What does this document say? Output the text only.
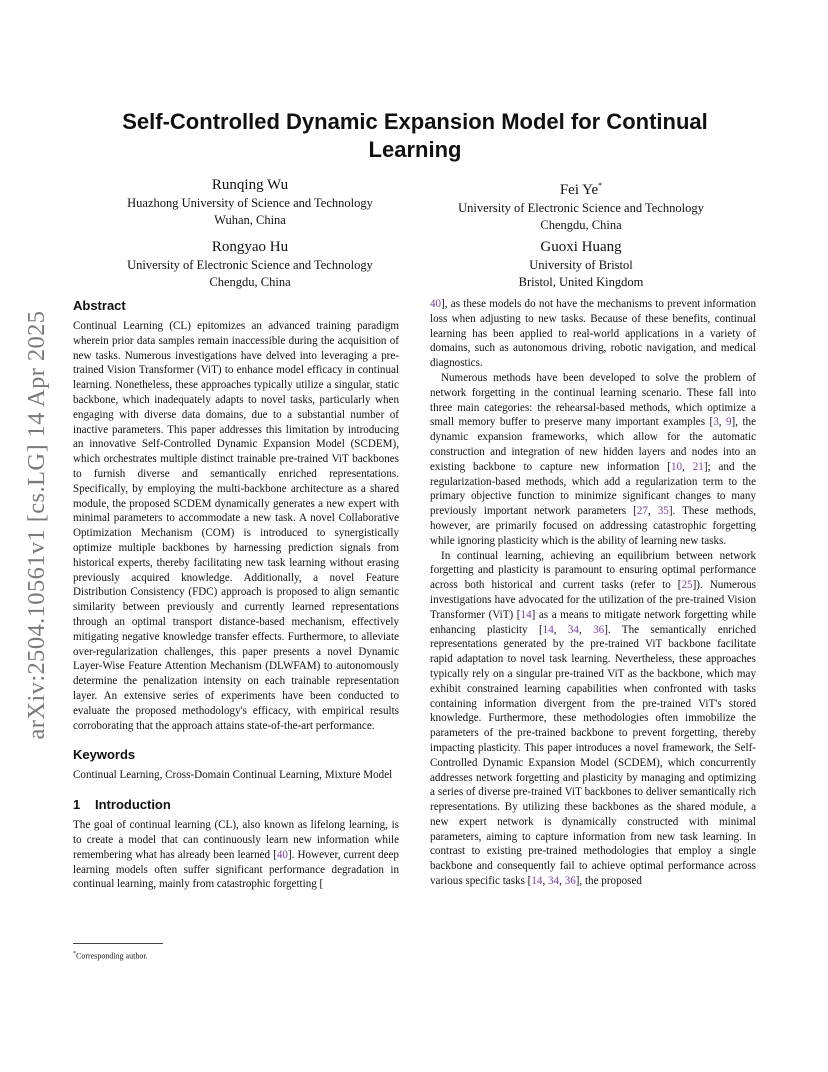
arXiv:2504.10561v1 [cs.LG] 14 Apr 2025
Self-Controlled Dynamic Expansion Model for Continual Learning
Runqing Wu
Huazhong University of Science and Technology
Wuhan, China
Fei Ye*
University of Electronic Science and Technology
Chengdu, China
Rongyao Hu
University of Electronic Science and Technology
Chengdu, China
Guoxi Huang
University of Bristol
Bristol, United Kingdom
Abstract

Continual Learning (CL) epitomizes an advanced training paradigm wherein prior data samples remain inaccessible during the acquisition of new tasks. Numerous investigations have delved into leveraging a pre-trained Vision Transformer (ViT) to enhance model efficacy in continual learning. Nonetheless, these approaches typically utilize a singular, static backbone, which inadequately adapts to novel tasks, particularly when engaging with diverse data domains, due to a substantial number of inactive parameters. This paper addresses this limitation by introducing an innovative Self-Controlled Dynamic Expansion Model (SCDEM), which orchestrates multiple distinct trainable pre-trained ViT backbones to furnish diverse and semantically enriched representations. Specifically, by employing the multi-backbone architecture as a shared module, the proposed SCDEM dynamically generates a new expert with minimal parameters to accommodate a new task. A novel Collaborative Optimization Mechanism (COM) is introduced to synergistically optimize multiple backbones by harnessing prediction signals from historical experts, thereby facilitating new task learning without erasing previously acquired knowledge. Additionally, a novel Feature Distribution Consistency (FDC) approach is proposed to align semantic similarity between previously and currently learned representations through an optimal transport distance-based mechanism, effectively mitigating negative knowledge transfer effects. Furthermore, to alleviate over-regularization challenges, this paper presents a novel Dynamic Layer-Wise Feature Attention Mechanism (DLWFAM) to autonomously determine the penalization intensity on each trainable representation layer. An extensive series of experiments have been conducted to evaluate the proposed methodology's efficacy, with empirical results corroborating that the approach attains state-of-the-art performance.

Keywords

Continual Learning, Cross-Domain Continual Learning, Mixture Model

1 Introduction

The goal of continual learning (CL), also known as lifelong learning, is to create a model that can continuously learn new information while remembering what has already been learned [40]. However, current deep learning models often suffer significant performance degradation in continual learning, mainly from catastrophic forgetting [

40], as these models do not have the mechanisms to prevent information loss when adjusting to new tasks. Because of these benefits, continual learning has been applied to real-world applications in a variety of domains, such as autonomous driving, robotic navigation, and medical diagnostics.

Numerous methods have been developed to solve the problem of network forgetting in the continual learning scenario. These fall into three main categories: the rehearsal-based methods, which optimize a small memory buffer to preserve many important examples [3, 9], the dynamic expansion frameworks, which allow for the automatic construction and integration of new hidden layers and nodes into an existing backbone to capture new information [10, 21]; and the regularization-based methods, which add a regularization term to the primary objective function to minimize significant changes to many previously important network parameters [27, 35]. These methods, however, are primarily focused on addressing catastrophic forgetting while ignoring plasticity which is the ability of learning new tasks.

In continual learning, achieving an equilibrium between network forgetting and plasticity is paramount to ensuring optimal performance across both historical and current tasks (refer to [25]). Numerous investigations have advocated for the utilization of the pre-trained Vision Transformer (ViT) [14] as a means to mitigate network forgetting while enhancing plasticity [14, 34, 36]. The semantically enriched representations generated by the pre-trained ViT backbone facilitate rapid adaptation to novel task learning. Nevertheless, these approaches typically rely on a singular pre-trained ViT as the backbone, which may exhibit constrained learning capabilities when confronted with tasks containing information divergent from the pre-trained ViT's stored knowledge. Furthermore, these methodologies often immobilize the parameters of the pre-trained backbone to prevent forgetting, thereby impacting plasticity. This paper introduces a novel framework, the Self-Controlled Dynamic Expansion Model (SCDEM), which concurrently addresses network forgetting and plasticity by managing and optimizing a series of diverse pre-trained ViT backbones to deliver semantically rich representations. By utilizing these backbones as the shared module, a new expert network is dynamically constructed with minimal parameters, aiming to capture information from new task learning. In contrast to existing pre-trained methodologies that employ a single backbone and consequently fail to achieve optimal performance across various specific tasks [14, 34, 36], the proposed

*Corresponding author.
